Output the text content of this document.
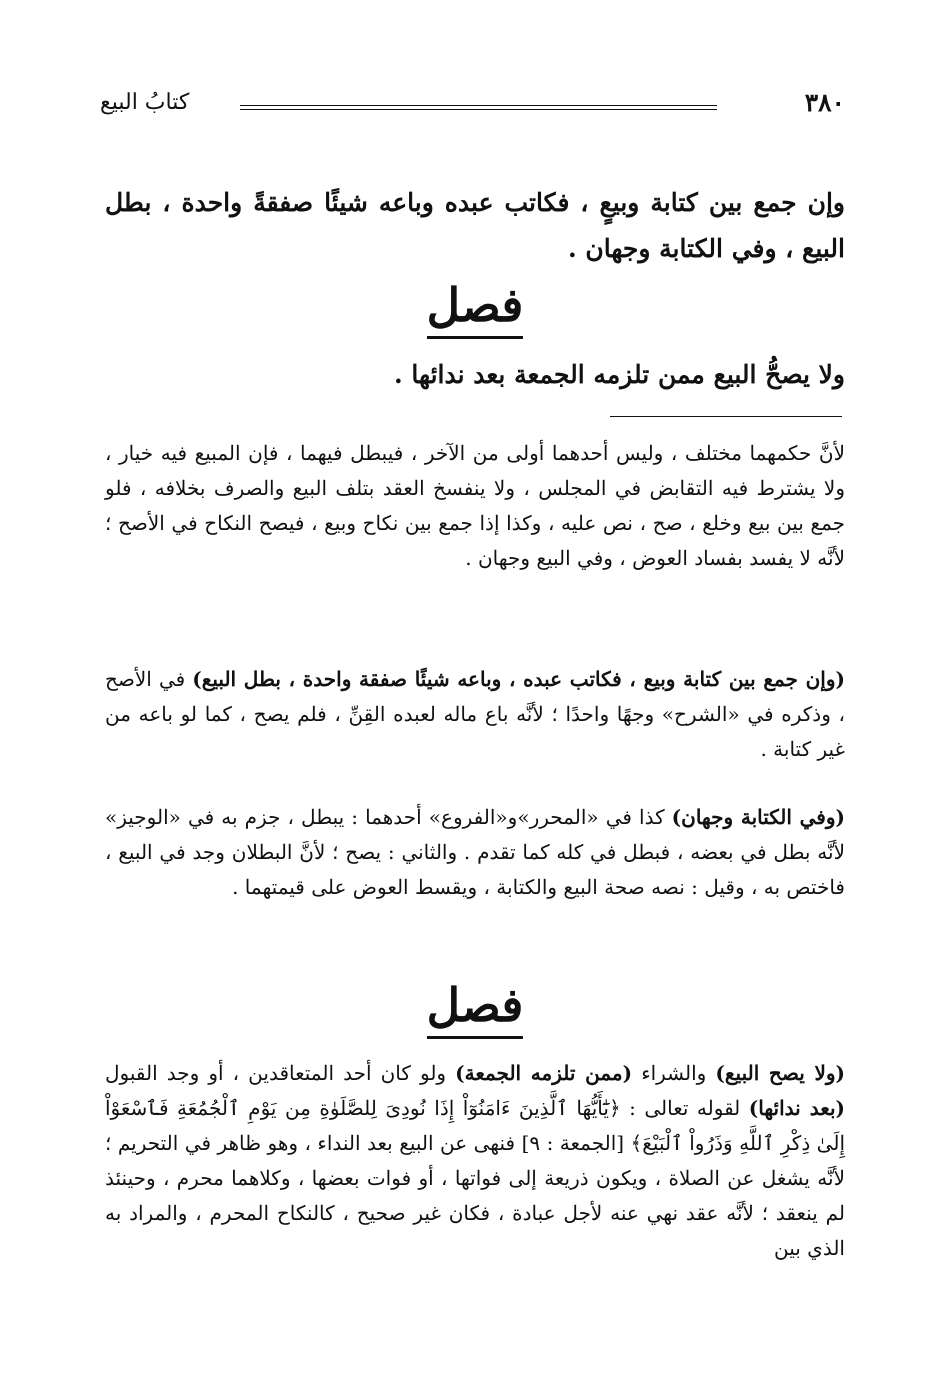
٣٨٠
كتابُ البيع
وإن جمع بين كتابة وبيعٍ ، فكاتب عبده وباعه شيئًا صفقةً واحدة ، بطل البيع ، وفي الكتابة وجهان .
فصل
ولا يصحُّ البيع ممن تلزمه الجمعة بعد ندائها .
لأنَّ حكمهما مختلف ، وليس أحدهما أولى من الآخر ، فيبطل فيهما ، فإن المبيع فيه خيار ، ولا يشترط فيه التقابض في المجلس ، ولا ينفسخ العقد بتلف البيع والصرف بخلافه ، فلو جمع بين بيع وخلع ، صح ، نص عليه ، وكذا إذا جمع بين نكاح وبيع ، فيصح النكاح في الأصح ؛ لأنَّه لا يفسد بفساد العوض ، وفي البيع وجهان .
(وإن جمع بين كتابة وبيع ، فكاتب عبده ، وباعه شيئًا صفقة واحدة ، بطل البيع) في الأصح ، وذكره في «الشرح» وجهًا واحدًا ؛ لأنَّه باع ماله لعبده القِنِّ ، فلم يصح ، كما لو باعه من غير كتابة .
(وفي الكتابة وجهان) كذا في «المحرر»و«الفروع» أحدهما : يبطل ، جزم به في «الوجيز» لأنَّه بطل في بعضه ، فبطل في كله كما تقدم . والثاني : يصح ؛ لأنَّ البطلان وجد في البيع ، فاختص به ، وقيل : نصه صحة البيع والكتابة ، ويقسط العوض على قيمتهما .
فصل
(ولا يصح البيع) والشراء (ممن تلزمه الجمعة) ولو كان أحد المتعاقدين ، أو وجد القبول (بعد ندائها) لقوله تعالى : ﴿يَٰٓأَيُّهَا ٱلَّذِينَ ءَامَنُوٓاْ إِذَا نُودِىَ لِلصَّلَوٰةِ مِن يَوْمِ ٱلْجُمُعَةِ فَٱسْعَوْاْ إِلَىٰ ذِكْرِ ٱللَّهِ وَذَرُواْ ٱلْبَيْعَ﴾ [الجمعة : ٩] فنهى عن البيع بعد النداء ، وهو ظاهر في التحريم ؛ لأنَّه يشغل عن الصلاة ، ويكون ذريعة إلى فواتها ، أو فوات بعضها ، وكلاهما محرم ، وحينئذ لم ينعقد ؛ لأنَّه عقد نهي عنه لأجل عبادة ، فكان غير صحيح ، كالنكاح المحرم ، والمراد به الذي بين
